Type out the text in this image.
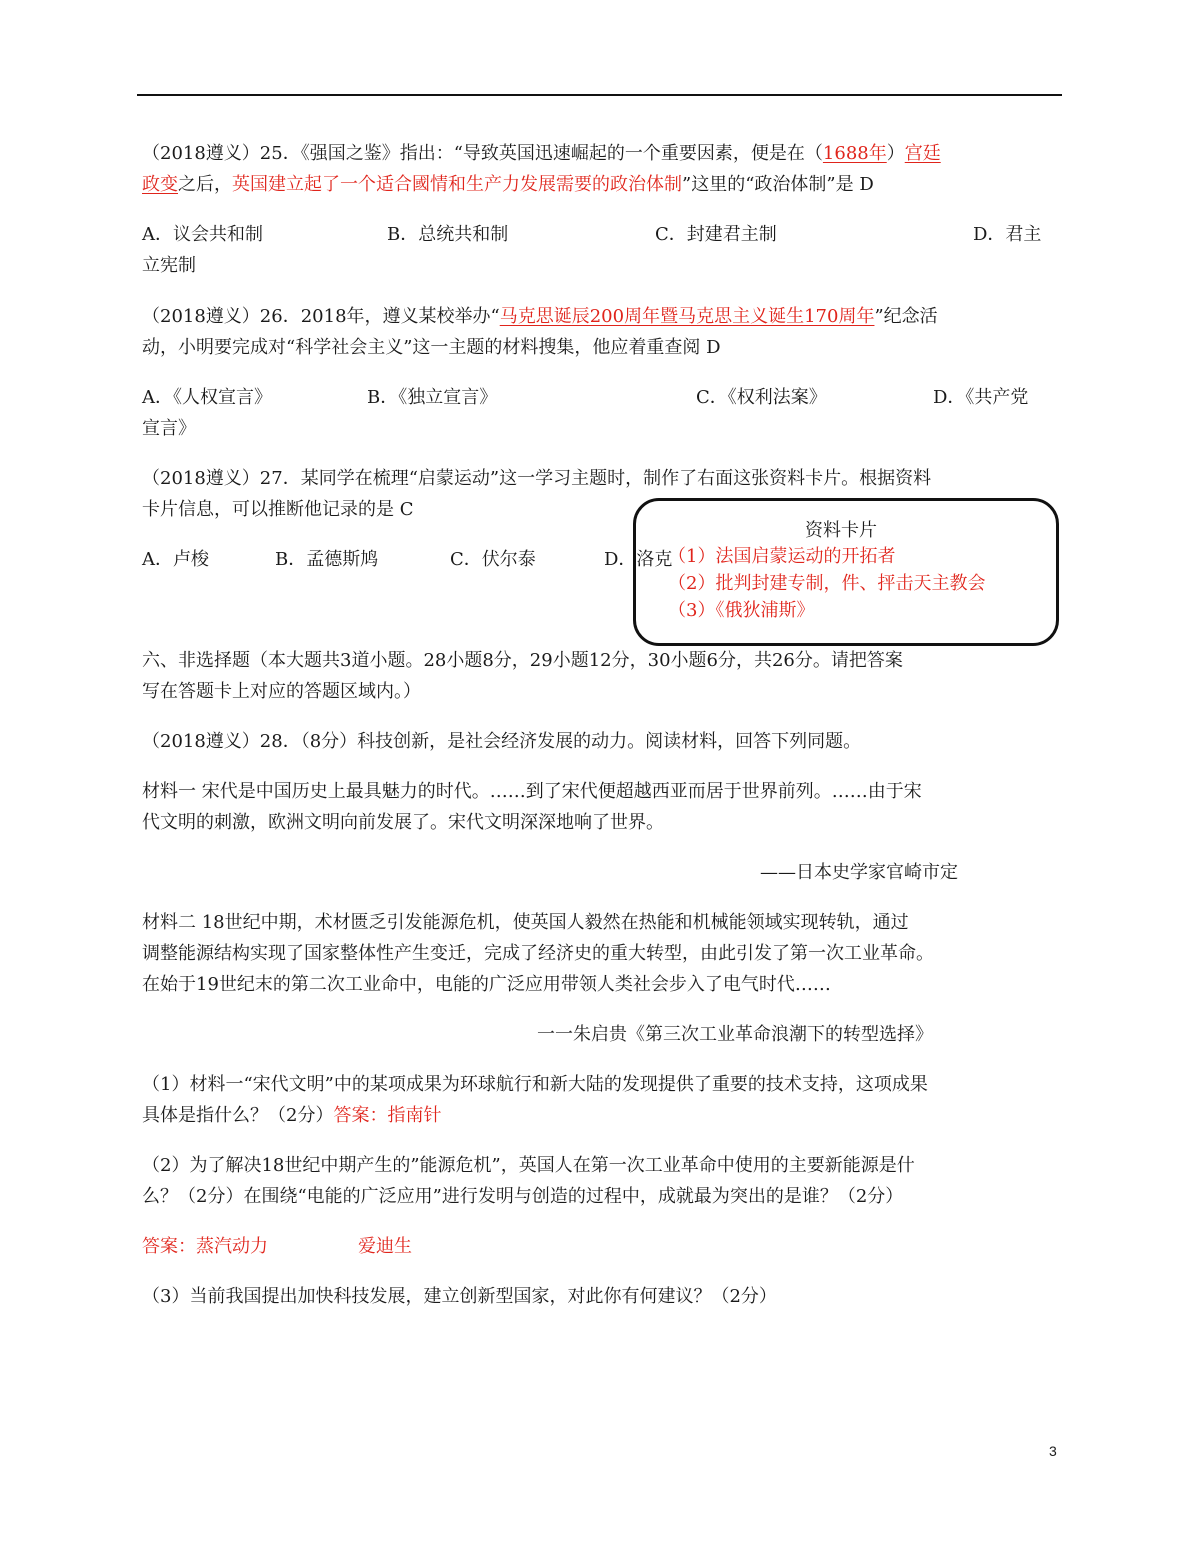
（2018遵义）25．《强国之鉴》指出：“导致英国迅速崛起的一个重要因素，便是在（1688年）宫廷
政变之后，英国建立起了一个适合國情和生产力发展需要的政治体制”这里的“政治体制”是 D
A．议会共和制	B．总统共和制	C．封建君主制	D．君主
立宪制
（2018遵义）26．2018年，遵义某校举办“马克思诞辰200周年暨马克思主义诞生170周年”纪念活
动，小明要完成对“科学社会主义”这一主题的材料搜集，他应着重查阅 D
A．《人权宣言》	B．《独立宣言》	C．《权利法案》	D．《共产党
宣言》
（2018遵义）27．某同学在梳理“启蒙运动”这一学习主题时，制作了右面这张资料卡片。根据资料
卡片信息，可以推断他记录的是 C
A．卢梭	B．孟德斯鸠	C．伏尔泰	D．洛克
资料卡片
（1）法国启蒙运动的开拓者
（2）批判封建专制，件、抨击天主教会
（3）《俄狄浦斯》
六、非选择题（本大题共3道小题。28小题8分，29小题12分，30小题6分，共26分。请把答案
写在答题卡上对应的答题区域内。）
（2018遵义）28．（8分）科技创新，是社会经济发展的动力。阅读材料，回答下列同题。
材料一 宋代是中国历史上最具魅力的时代。……到了宋代便超越西亚而居于世界前列。……由于宋
代文明的刺激，欧洲文明向前发展了。宋代文明深深地响了世界。
——日本史学家官崎市定
材料二 18世纪中期，术材匮乏引发能源危机，使英国人毅然在热能和机械能领域实现转轨，通过
调整能源结构实现了国家整体性产生变迁，完成了经济史的重大转型，由此引发了第一次工业革命。
在始于19世纪末的第二次工业命中，电能的广泛应用带领人类社会步入了电气时代……
一一朱启贵《第三次工业革命浪潮下的转型选择》
（1）材料一“宋代文明”中的某项成果为环球航行和新大陆的发现提供了重要的技术支持，这项成果
具体是指什么？（2分）答案：指南针
（2）为了解决18世纪中期产生的”能源危机”，英国人在第一次工业革命中使用的主要新能源是什
么？（2分）在围绕“电能的广泛应用”进行发明与创造的过程中，成就最为突出的是谁？（2分）
答案：蒸汽动力	爱迪生
（3）当前我国提出加快科技发展，建立创新型国家，对此你有何建议？（2分）
3
